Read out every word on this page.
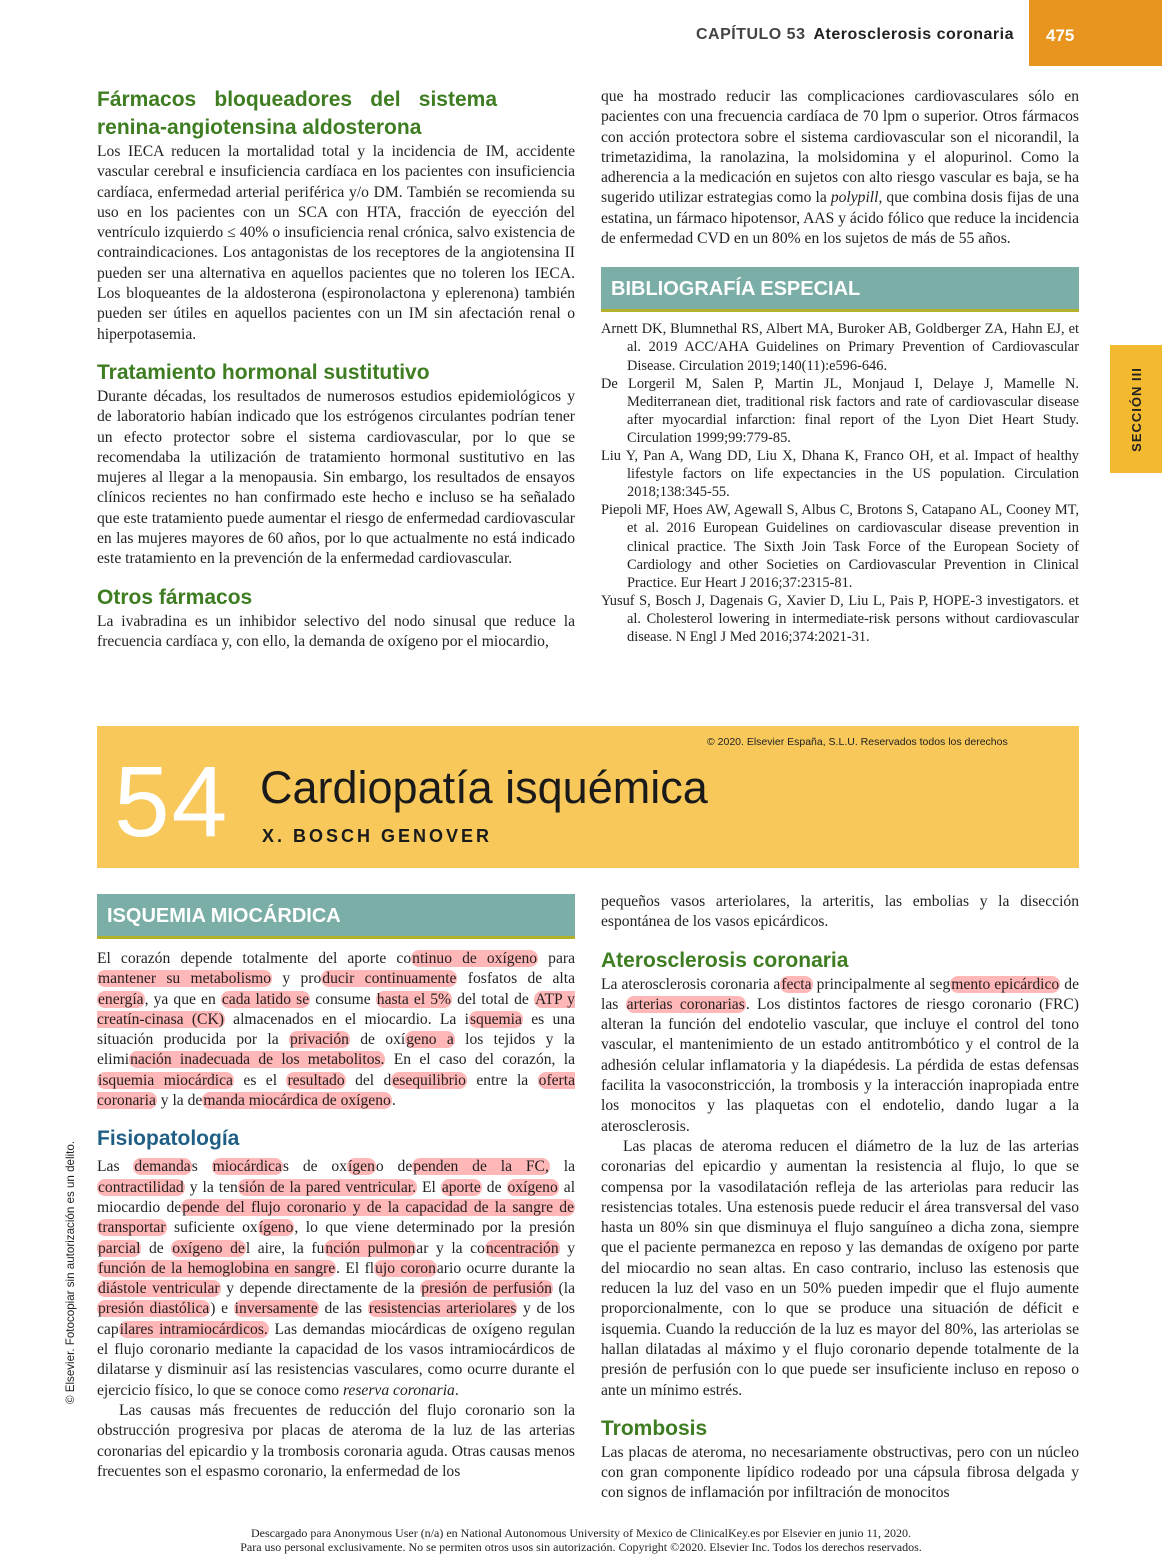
CAPÍTULO 53 Aterosclerosis coronaria 475
SECCIÓN III
Fármacos bloqueadores del sistema renina-angiotensina aldosterona

Los IECA reducen la mortalidad total y la incidencia de IM, accidente vascular cerebral e insuficiencia cardíaca en los pacientes con insuficiencia cardíaca, enfermedad arterial periférica y/o DM. También se recomienda su uso en los pacientes con un SCA con HTA, fracción de eyección del ventrículo izquierdo ≤ 40% o insuficiencia renal crónica, salvo existencia de contraindicaciones. Los antagonistas de los receptores de la angiotensina II pueden ser una alternativa en aquellos pacientes que no toleren los IECA. Los bloqueantes de la aldosterona (espironolactona y eplerenona) también pueden ser útiles en aquellos pacientes con un IM sin afectación renal o hiperpotasemia.

Tratamiento hormonal sustitutivo

Durante décadas, los resultados de numerosos estudios epidemiológicos y de laboratorio habían indicado que los estrógenos circulantes podrían tener un efecto protector sobre el sistema cardiovascular, por lo que se recomendaba la utilización de tratamiento hormonal sustitutivo en las mujeres al llegar a la menopausia. Sin embargo, los resultados de ensayos clínicos recientes no han confirmado este hecho e incluso se ha señalado que este tratamiento puede aumentar el riesgo de enfermedad cardiovascular en las mujeres mayores de 60 años, por lo que actualmente no está indicado este tratamiento en la prevención de la enfermedad cardiovascular.

Otros fármacos

La ivabradina es un inhibidor selectivo del nodo sinusal que reduce la frecuencia cardíaca y, con ello, la demanda de oxígeno por el miocardio,

que ha mostrado reducir las complicaciones cardiovasculares sólo en pacientes con una frecuencia cardíaca de 70 lpm o superior. Otros fármacos con acción protectora sobre el sistema cardiovascular son el nicorandil, la trimetazidima, la ranolazina, la molsidomina y el alopurinol. Como la adherencia a la medicación en sujetos con alto riesgo vascular es baja, se ha sugerido utilizar estrategias como la polypill, que combina dosis fijas de una estatina, un fármaco hipotensor, AAS y ácido fólico que reduce la incidencia de enfermedad CVD en un 80% en los sujetos de más de 55 años.

BIBLIOGRAFÍA ESPECIAL

Arnett DK, Blumnethal RS, Albert MA, Buroker AB, Goldberger ZA, Hahn EJ, et al. 2019 ACC/AHA Guidelines on Primary Prevention of Cardiovascular Disease. Circulation 2019;140(11):e596-646.

De Lorgeril M, Salen P, Martin JL, Monjaud I, Delaye J, Mamelle N. Mediterranean diet, traditional risk factors and rate of cardiovascular disease after myocardial infarction: final report of the Lyon Diet Heart Study. Circulation 1999;99:779-85.

Liu Y, Pan A, Wang DD, Liu X, Dhana K, Franco OH, et al. Impact of healthy lifestyle factors on life expectancies in the US population. Circulation 2018;138:345-55.

Piepoli MF, Hoes AW, Agewall S, Albus C, Brotons S, Catapano AL, Cooney MT, et al. 2016 European Guidelines on cardiovascular disease prevention in clinical practice. The Sixth Join Task Force of the European Society of Cardiology and other Societies on Cardiovascular Prevention in Clinical Practice. Eur Heart J 2016;37:2315-81.

Yusuf S, Bosch J, Dagenais G, Xavier D, Liu L, Pais P, HOPE-3 investigators. et al. Cholesterol lowering in intermediate-risk persons without cardiovascular disease. N Engl J Med 2016;374:2021-31.

© 2020. Elsevier España, S.L.U. Reservados todos los derechos
54 Cardiopatía isquémica
X. BOSCH GENOVER
ISQUEMIA MIOCÁRDICA

El corazón depende totalmente del aporte continuo de oxígeno para mantener su metabolismo y producir continuamente fosfatos de alta energía, ya que en cada latido se consume hasta el 5% del total de ATP y creatín-cinasa (CK) almacenados en el miocardio. La isquemia es una situación producida por la privación de oxígeno a los tejidos y la eliminación inadecuada de los metabolitos. En el caso del corazón, la isquemia miocárdica es el resultado del desequilibrio entre la oferta coronaria y la demanda miocárdica de oxígeno.

Fisiopatología

Las demandas miocárdicas de oxígeno dependen de la FC, la contractilidad y la tensión de la pared ventricular. El aporte de oxígeno al miocardio depende del flujo coronario y de la capacidad de la sangre de transportar suficiente oxígeno, lo que viene determinado por la presión parcial de oxígeno del aire, la función pulmonar y la concentración y función de la hemoglobina en sangre. El flujo coronario ocurre durante la diástole ventricular y depende directamente de la presión de perfusión (la presión diastólica) e inversamente de las resistencias arteriolares y de los capilares intramiocárdicos. Las demandas miocárdicas de oxígeno regulan el flujo coronario mediante la capacidad de los vasos intramiocárdicos de dilatarse y disminuir así las resistencias vasculares, como ocurre durante el ejercicio físico, lo que se conoce como reserva coronaria.

Las causas más frecuentes de reducción del flujo coronario son la obstrucción progresiva por placas de ateroma de la luz de las arterias coronarias del epicardio y la trombosis coronaria aguda. Otras causas menos frecuentes son el espasmo coronario, la enfermedad de los

pequeños vasos arteriolares, la arteritis, las embolias y la disección espontánea de los vasos epicárdicos.

Aterosclerosis coronaria

La aterosclerosis coronaria afecta principalmente al segmento epicárdico de las arterias coronarias. Los distintos factores de riesgo coronario (FRC) alteran la función del endotelio vascular, que incluye el control del tono vascular, el mantenimiento de un estado antitrombótico y el control de la adhesión celular inflamatoria y la diapédesis. La pérdida de estas defensas facilita la vasoconstricción, la trombosis y la interacción inapropiada entre los monocitos y las plaquetas con el endotelio, dando lugar a la aterosclerosis.

Las placas de ateroma reducen el diámetro de la luz de las arterias coronarias del epicardio y aumentan la resistencia al flujo, lo que se compensa por la vasodilatación refleja de las arteriolas para reducir las resistencias totales. Una estenosis puede reducir el área transversal del vaso hasta un 80% sin que disminuya el flujo sanguíneo a dicha zona, siempre que el paciente permanezca en reposo y las demandas de oxígeno por parte del miocardio no sean altas. En caso contrario, incluso las estenosis que reducen la luz del vaso en un 50% pueden impedir que el flujo aumente proporcionalmente, con lo que se produce una situación de déficit e isquemia. Cuando la reducción de la luz es mayor del 80%, las arteriolas se hallan dilatadas al máximo y el flujo coronario depende totalmente de la presión de perfusión con lo que puede ser insuficiente incluso en reposo o ante un mínimo estrés.

Trombosis

Las placas de ateroma, no necesariamente obstructivas, pero con un núcleo con gran componente lipídico rodeado por una cápsula fibrosa delgada y con signos de inflamación por infiltración de monocitos

© Elsevier. Fotocopiar sin autorización es un delito.
Descargado para Anonymous User (n/a) en National Autonomous University of Mexico de ClinicalKey.es por Elsevier en junio 11, 2020.
Para uso personal exclusivamente. No se permiten otros usos sin autorización. Copyright ©2020. Elsevier Inc. Todos los derechos reservados.
